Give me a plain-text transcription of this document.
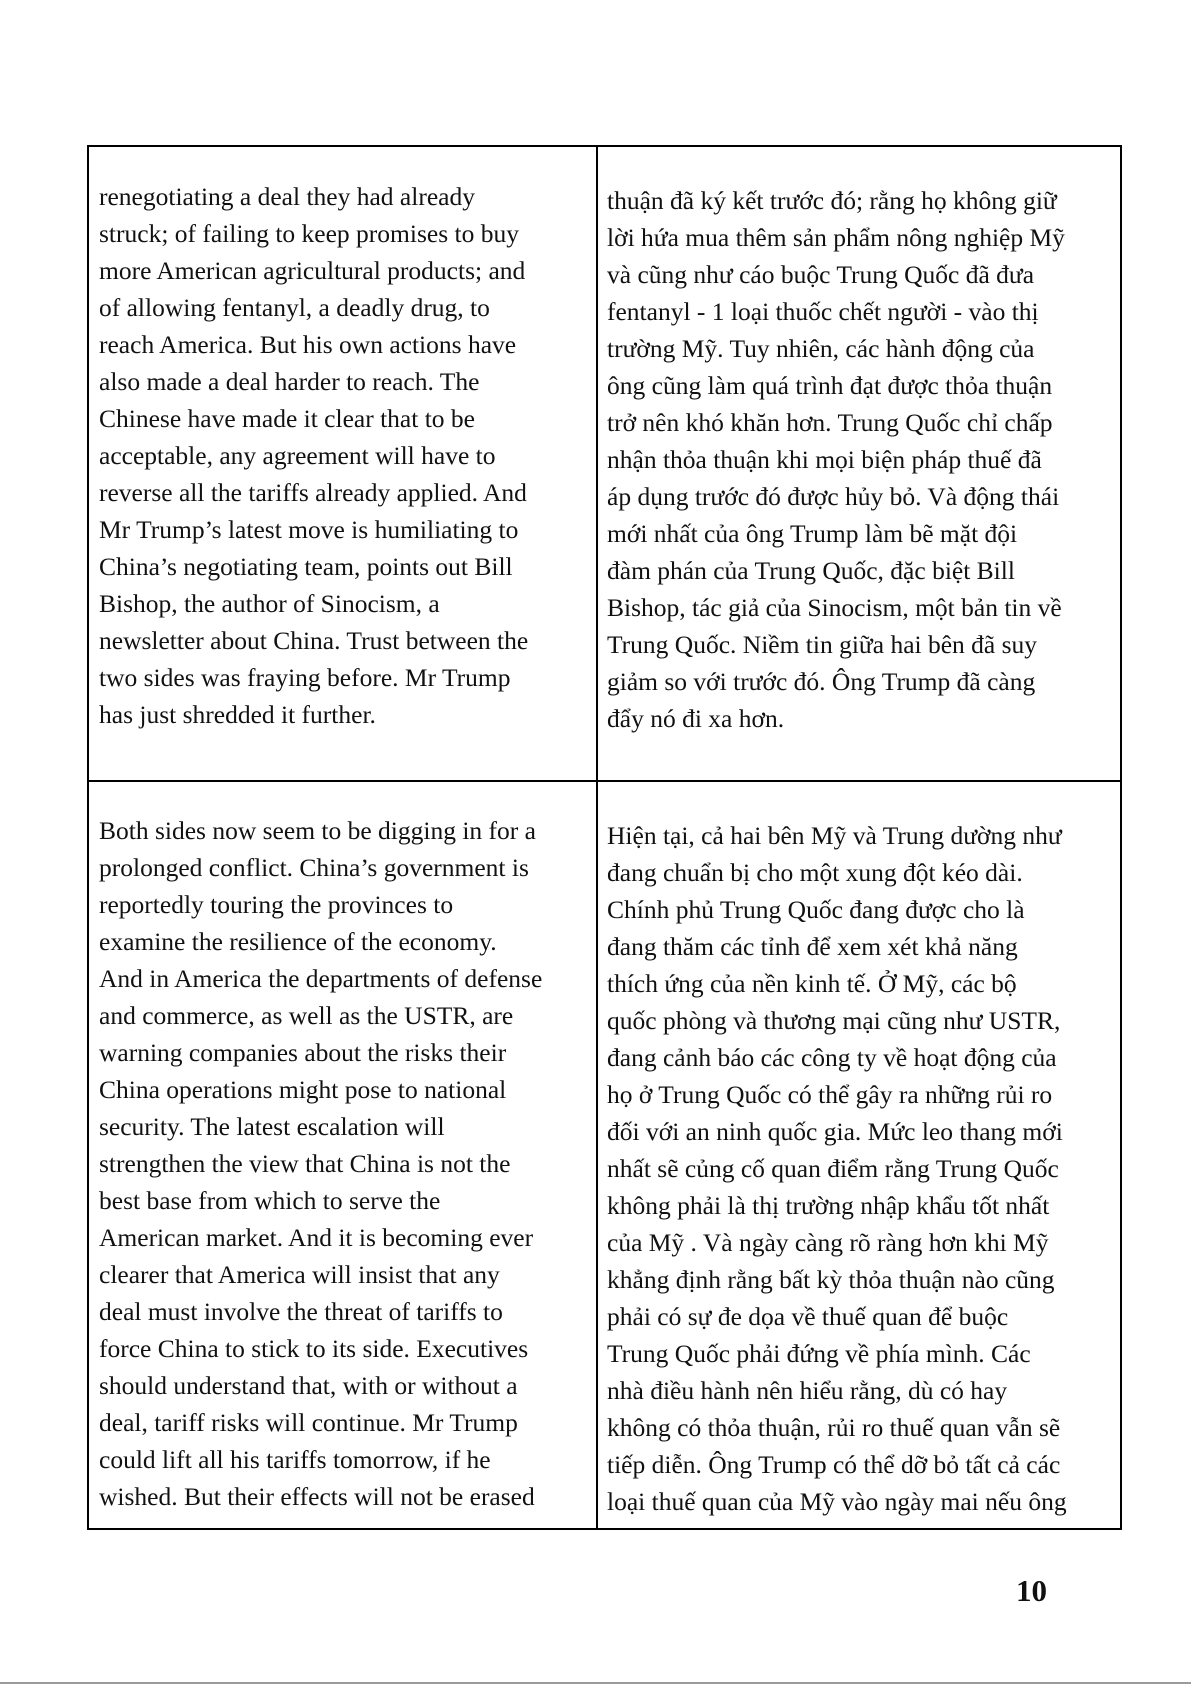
renegotiating a deal they had already
struck; of failing to keep promises to buy
more American agricultural products; and
of allowing fentanyl, a deadly drug, to
reach America. But his own actions have
also made a deal harder to reach. The
Chinese have made it clear that to be
acceptable, any agreement will have to
reverse all the tariffs already applied. And
Mr Trump’s latest move is humiliating to
China’s negotiating team, points out Bill
Bishop, the author of Sinocism, a
newsletter about China. Trust between the
two sides was fraying before. Mr Trump
has just shredded it further.
thuận đã ký kết trước đó; rằng họ không giữ
lời hứa mua thêm sản phẩm nông nghiệp Mỹ
và cũng như cáo buộc Trung Quốc đã đưa
fentanyl - 1 loại thuốc chết người - vào thị
trường Mỹ. Tuy nhiên, các hành động của
ông cũng làm quá trình đạt được thỏa thuận
trở nên khó khăn hơn. Trung Quốc chỉ chấp
nhận thỏa thuận khi mọi biện pháp thuế đã
áp dụng trước đó được hủy bỏ. Và động thái
mới nhất của ông Trump làm bẽ mặt đội
đàm phán của Trung Quốc, đặc biệt Bill
Bishop, tác giả của Sinocism, một bản tin về
Trung Quốc. Niềm tin giữa hai bên đã suy
giảm so với trước đó. Ông Trump đã càng
đẩy nó đi xa hơn.
Both sides now seem to be digging in for a
prolonged conflict. China’s government is
reportedly touring the provinces to
examine the resilience of the economy.
And in America the departments of defense
and commerce, as well as the USTR, are
warning companies about the risks their
China operations might pose to national
security. The latest escalation will
strengthen the view that China is not the
best base from which to serve the
American market. And it is becoming ever
clearer that America will insist that any
deal must involve the threat of tariffs to
force China to stick to its side. Executives
should understand that, with or without a
deal, tariff risks will continue. Mr Trump
could lift all his tariffs tomorrow, if he
wished. But their effects will not be erased
Hiện tại, cả hai bên Mỹ và Trung dường như
đang chuẩn bị cho một xung đột kéo dài.
Chính phủ Trung Quốc đang được cho là
đang thăm các tỉnh để xem xét khả năng
thích ứng của nền kinh tế. Ở Mỹ, các bộ
quốc phòng và thương mại cũng như USTR,
đang cảnh báo các công ty về hoạt động của
họ ở Trung Quốc có thể gây ra những rủi ro
đối với an ninh quốc gia. Mức leo thang mới
nhất sẽ củng cố quan điểm rằng Trung Quốc
không phải là thị trường nhập khẩu tốt nhất
của Mỹ . Và ngày càng rõ ràng hơn khi Mỹ
khẳng định rằng bất kỳ thỏa thuận nào cũng
phải có sự đe dọa về thuế quan để buộc
Trung Quốc phải đứng về phía mình. Các
nhà điều hành nên hiểu rằng, dù có hay
không có thỏa thuận, rủi ro thuế quan vẫn sẽ
tiếp diễn. Ông Trump có thể dỡ bỏ tất cả các
loại thuế quan của Mỹ vào ngày mai nếu ông
10
